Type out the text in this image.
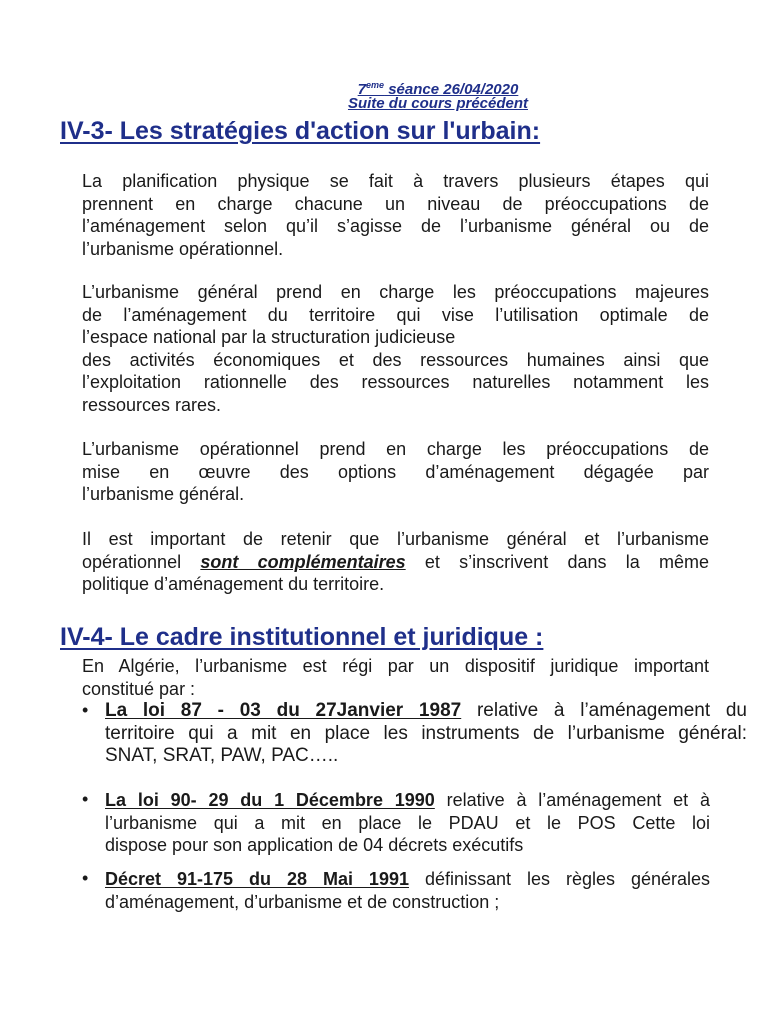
7eme séance 26/04/2020
Suite du cours précédent
IV-3- Les stratégies d'action sur l'urbain:
La planification physique se fait à travers plusieurs étapes qui
prennent en charge chacune un niveau de préoccupations de
l’aménagement selon qu’il s’agisse de l’urbanisme général ou de
l’urbanisme opérationnel.
L’urbanisme général prend en charge les préoccupations majeures
de l’aménagement du territoire qui vise l’utilisation optimale de
l’espace national par la structuration judicieuse
des activités économiques et des ressources humaines ainsi que
l’exploitation rationnelle des ressources naturelles notamment les
ressources rares.
L’urbanisme opérationnel prend en charge les préoccupations de
mise en œuvre des options d’aménagement dégagée par
l’urbanisme général.
Il est important de retenir que l’urbanisme général et l’urbanisme
opérationnel sont complémentaires et s’inscrivent dans la même
politique d’aménagement du territoire.
IV-4- Le cadre institutionnel et juridique :
En Algérie, l’urbanisme est régi par un dispositif juridique important
constitué par :
• La loi 87 - 03 du 27Janvier 1987 relative à l’aménagement du
territoire qui a mit en place les instruments de l’urbanisme général:
SNAT, SRAT, PAW, PAC…..
• La loi 90- 29 du 1 Décembre 1990 relative à l’aménagement et à
l’urbanisme qui a mit en place le PDAU et le POS Cette loi
dispose pour son application de 04 décrets exécutifs
• Décret 91-175 du 28 Mai 1991 définissant les règles générales
d’aménagement, d’urbanisme et de construction ;
